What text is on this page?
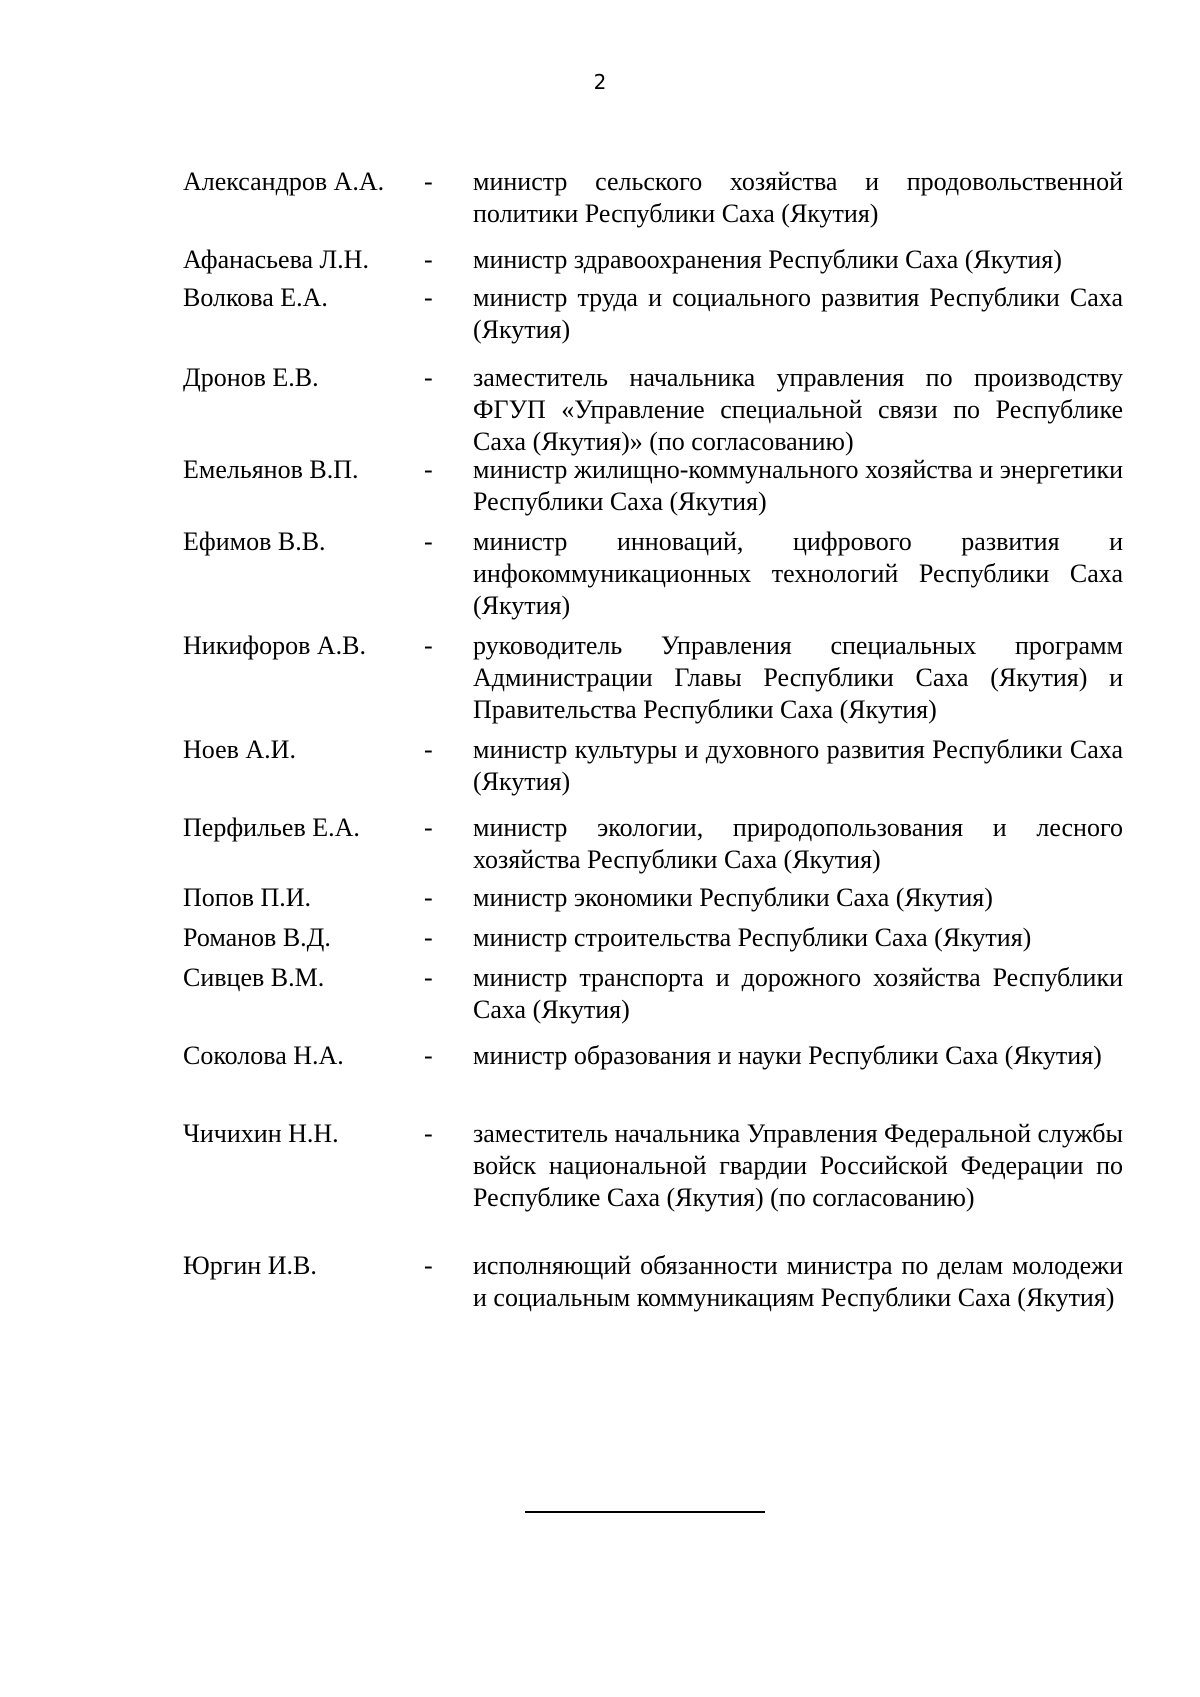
2
Александров А.А. - министр сельского хозяйства и продовольственной политики Республики Саха (Якутия)

Афанасьева Л.Н. - министр здравоохранения Республики Саха (Якутия)

Волкова Е.А.	- министр труда и социального развития Республики Саха (Якутия)

Дронов Е.В.	- заместитель начальника управления по производству ФГУП «Управление специальной связи по Республике Саха (Якутия)» (по согласованию)

Емельянов В.П.	- министр жилищно-коммунального хозяйства и энергетики Республики Саха (Якутия)

Ефимов В.В.	- министр инноваций, цифрового развития и инфокоммуникационных технологий Республики Саха (Якутия)

Никифоров А.В. - руководитель Управления специальных программ Администрации Главы Республики Саха (Якутия) и Правительства Республики Саха (Якутия)

Ноев А.И.	- министр культуры и духовного развития Республики Саха (Якутия)

Перфильев Е.А. - министр экологии, природопользования и лесного хозяйства Республики Саха (Якутия)

Попов П.И.	- министр экономики Республики Саха (Якутия)

Романов В.Д.	- министр строительства Республики Саха (Якутия)

Сивцев В.М.	- министр транспорта и дорожного хозяйства Республики Саха (Якутия)

Соколова Н.А.	- министр образования и науки Республики Саха (Якутия)

Чичихин Н.Н.	- заместитель начальника Управления Федеральной службы войск национальной гвардии Российской Федерации по Республике Саха (Якутия) (по согласованию)

Юргин И.В.	- исполняющий обязанности министра по делам молодежи и социальным коммуникациям Республики Саха (Якутия)
